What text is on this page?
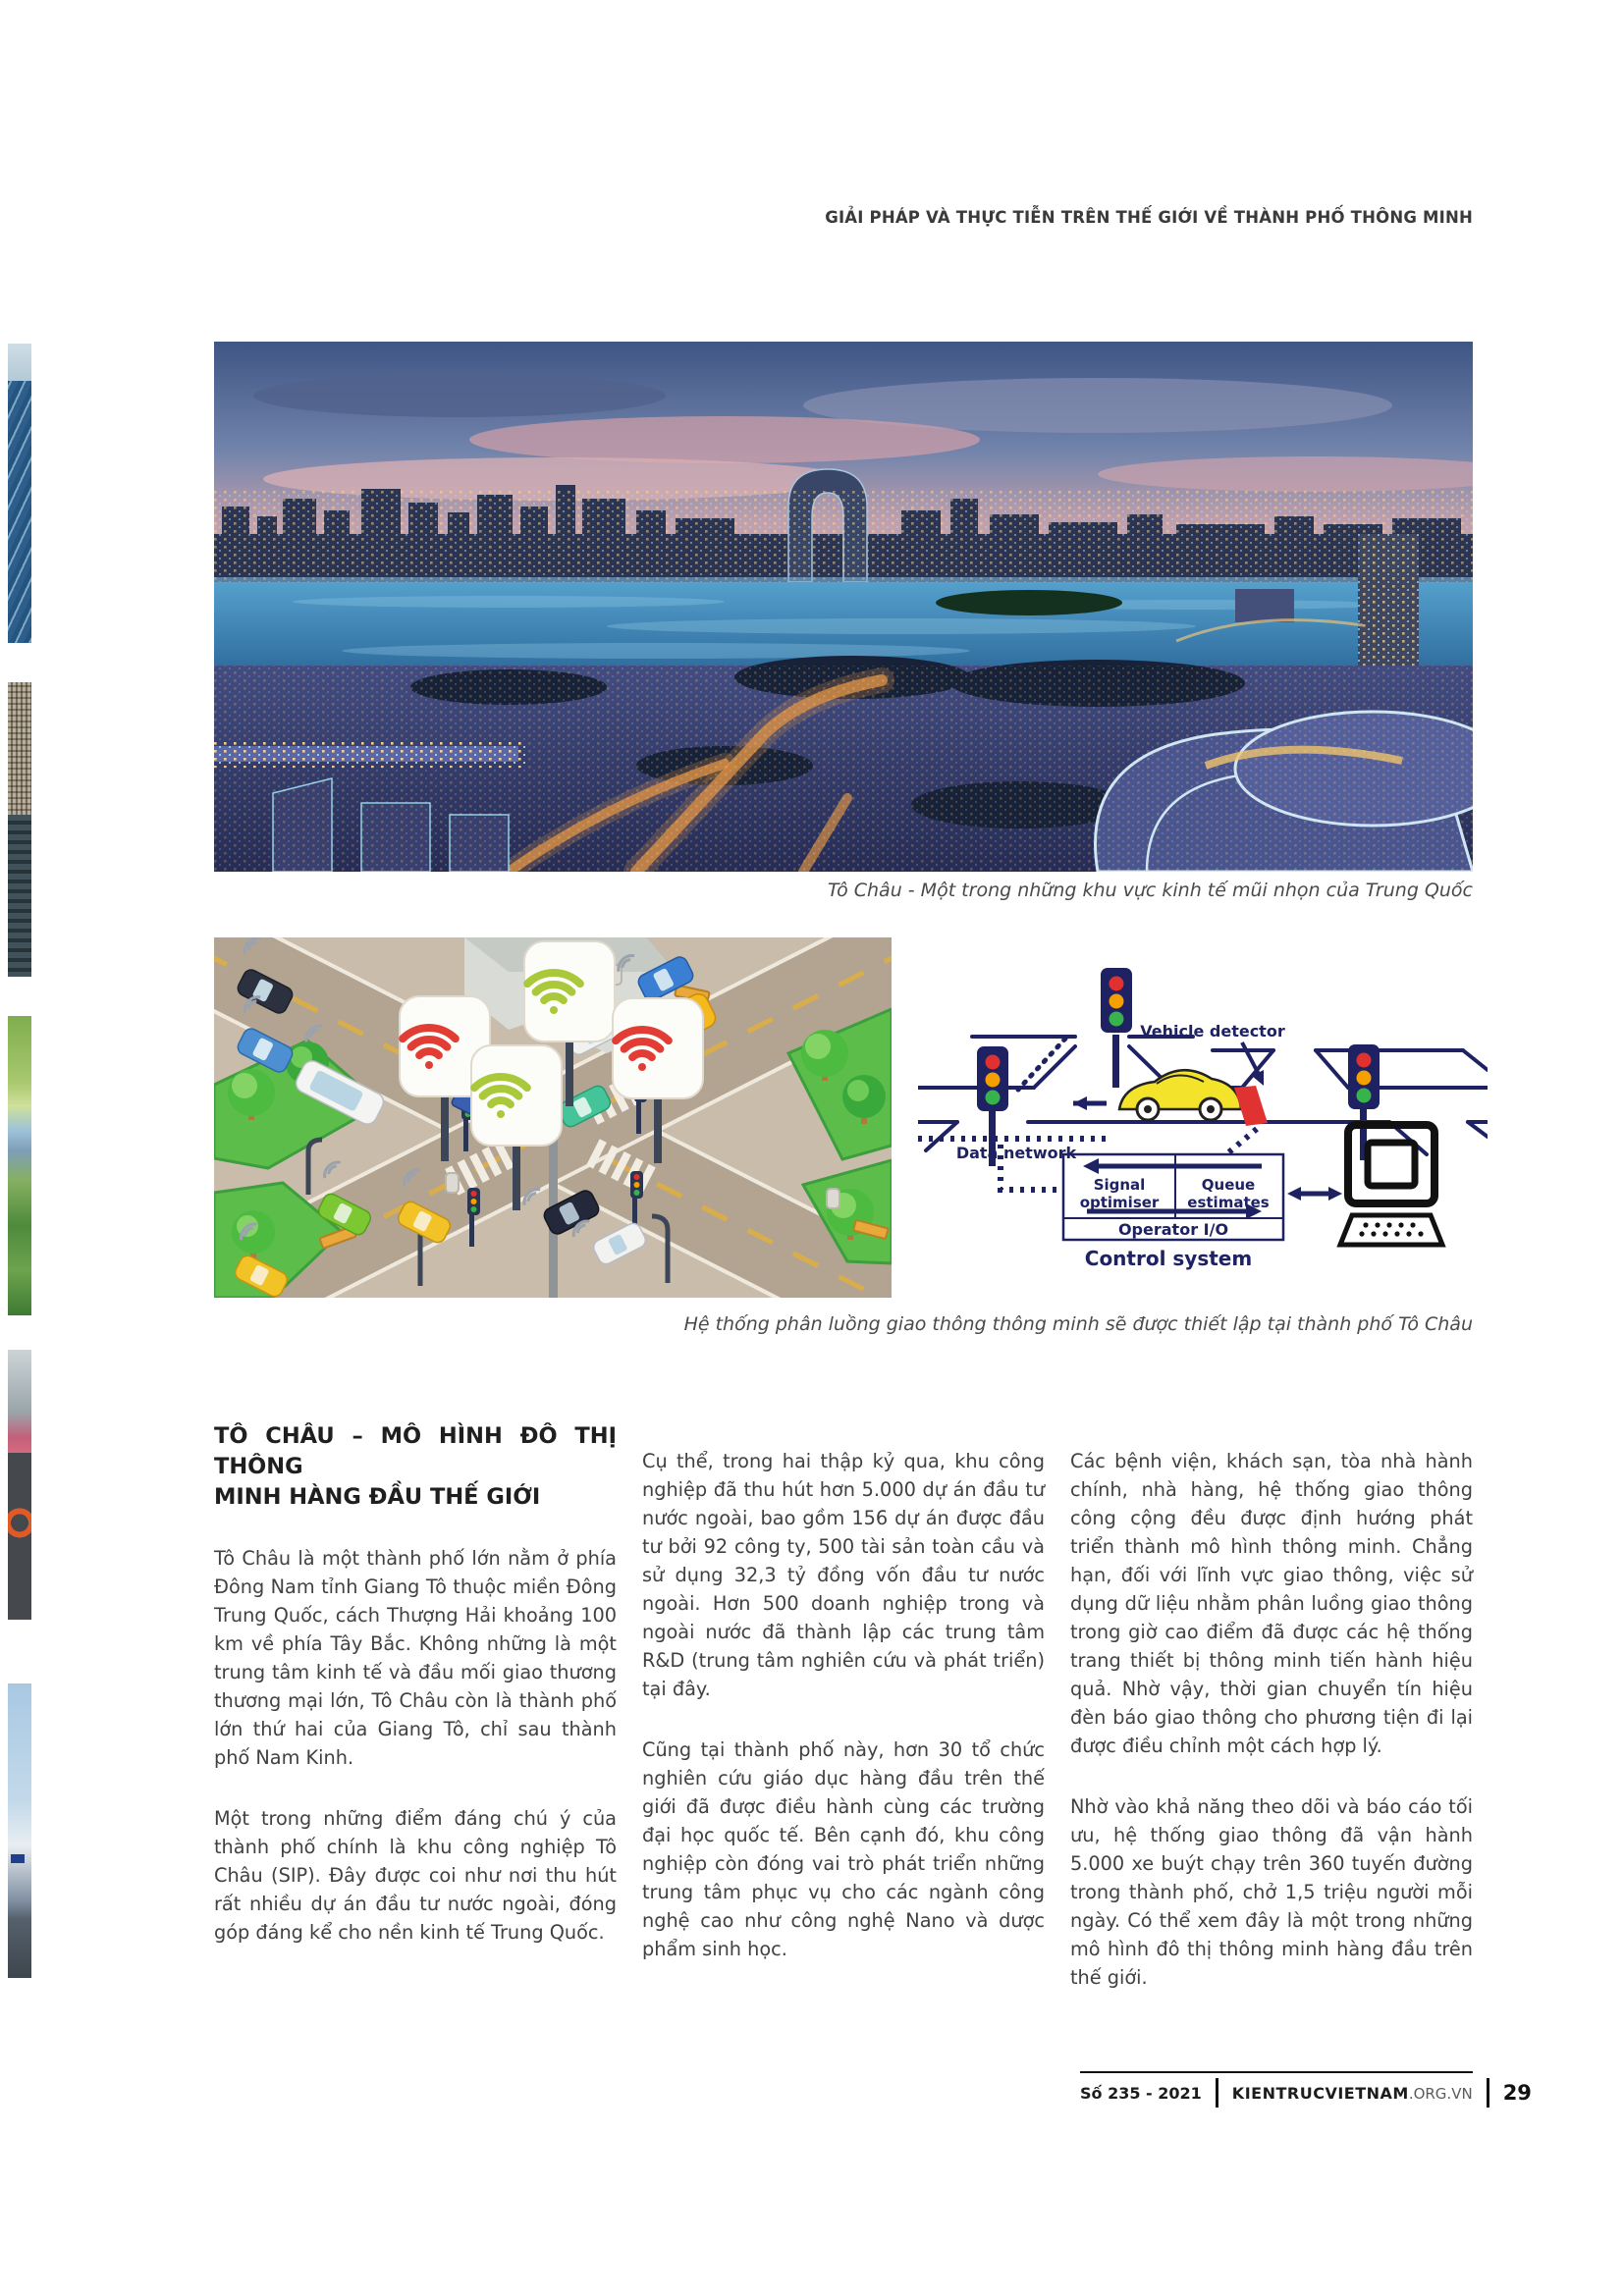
GIẢI PHÁP VÀ THỰC TIỄN TRÊN THẾ GIỚI VỀ THÀNH PHỐ THÔNG MINH
Tô Châu - Một trong những khu vực kinh tế mũi nhọn của Trung Quốc
Vehicle detector
Data network
Signal
optimiser
Queue
estimates
Operator I/O
Control system
Hệ thống phân luồng giao thông thông minh sẽ được thiết lập tại thành phố Tô Châu
TÔ CHÂU – MÔ HÌNH ĐÔ THỊ THÔNG
MINH HÀNG ĐẦU THẾ GIỚI

Tô Châu là một thành phố lớn nằm ở phía Đông Nam tỉnh Giang Tô thuộc miền Đông Trung Quốc, cách Thượng Hải khoảng 100 km về phía Tây Bắc. Không những là một trung tâm kinh tế và đầu mối giao thương thương mại lớn, Tô Châu còn là thành phố lớn thứ hai của Giang Tô, chỉ sau thành phố Nam Kinh.

Một trong những điểm đáng chú ý của thành phố chính là khu công nghiệp Tô Châu (SIP). Đây được coi như nơi thu hút rất nhiều dự án đầu tư nước ngoài, đóng góp đáng kể cho nền kinh tế Trung Quốc.

Cụ thể, trong hai thập kỷ qua, khu công nghiệp đã thu hút hơn 5.000 dự án đầu tư nước ngoài, bao gồm 156 dự án được đầu tư bởi 92 công ty, 500 tài sản toàn cầu và sử dụng 32,3 tỷ đồng vốn đầu tư nước ngoài. Hơn 500 doanh nghiệp trong và ngoài nước đã thành lập các trung tâm R&D (trung tâm nghiên cứu và phát triển) tại đây.

Cũng tại thành phố này, hơn 30 tổ chức nghiên cứu giáo dục hàng đầu trên thế giới đã được điều hành cùng các trường đại học quốc tế. Bên cạnh đó, khu công nghiệp còn đóng vai trò phát triển những trung tâm phục vụ cho các ngành công nghệ cao như công nghệ Nano và dược phẩm sinh học.

Các bệnh viện, khách sạn, tòa nhà hành chính, nhà hàng, hệ thống giao thông công cộng đều được định hướng phát triển thành mô hình thông minh. Chẳng hạn, đối với lĩnh vực giao thông, việc sử dụng dữ liệu nhằm phân luồng giao thông trong giờ cao điểm đã được các hệ thống trang thiết bị thông minh tiến hành hiệu quả. Nhờ vậy, thời gian chuyển tín hiệu đèn báo giao thông cho phương tiện đi lại được điều chỉnh một cách hợp lý.

Nhờ vào khả năng theo dõi và báo cáo tối ưu, hệ thống giao thông đã vận hành 5.000 xe buýt chạy trên 360 tuyến đường trong thành phố, chở 1,5 triệu người mỗi ngày. Có thể xem đây là một trong những mô hình đô thị thông minh hàng đầu trên thế giới.

Số 235 - 2021 KIENTRUCVIETNAM.ORG.VN 29
